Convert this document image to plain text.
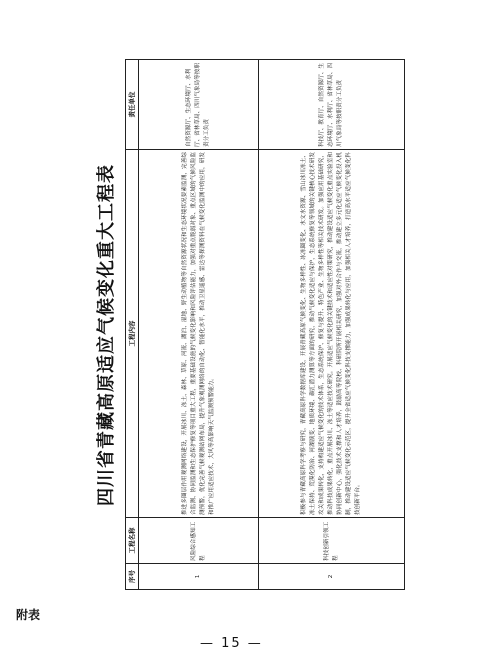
四川省青藏高原适应气候变化重大工程表
序号	工程名称	工程内容	责任单位
1	风险综合感知工程	推进多圈层作用观测网络建设，开展冰川、冻土、森林、草原、河流、湖泊、湿地、野生动植物等自然资源状况和生态环境状况要素监测，完善综合监测、协同监测和生态保护修复等项目重大工程，重要基础设施的气候变化影响和风险评估能力，加强对重点脆弱对象、重点区域的气候风险监测预警，优化完善气候观测站网布局，提升气象观测网络的自动化、智能化水平，推动卫星遥感、雷达等探测资料在气候变化监测中的应用，研发和推广应用适应技术，大风等高影响天气监测预警能力。	自然资源厅、生态环境厅、水利厅、省林草局、四川气象局等按职责分工负责
2	科技创新引领工程	积极参与青藏高原科学考察与研究，青藏高原科学数据库建设，开展青藏高原气候变化、生物多样性、冰冻圈变化、水文水资源、雪山冰川冻土、冻土保持、荒漠化防治、河湖演变、地质环境、碳汇潜力测算等方面的研究，推动气候变化适应与保护，生态系统修复等领域的关键核心技术研发攻关和成果转化，支持构建适应气候变化的技术体系，生态系统保护、修复与提升、特色产业、生物多样性等相关技术研发。加强应用基础研究，推动科技成果转化，重点开展冰川、冻土等适应技术研究。开展适应气候变化的关键技术和适应性对策研究，推动建设适应气候变化重点实验室和协同创新中心，强化技术支撑和人才培养，鼓励高等院校、科研院所开展相关研究，加强对外合作与交流，推动建立多元化适应气候变化投入机制，推动建设适应气候变化示范区，提升全省适应气候变化科技支撑能力，加强成果转化与应用，加强相关人才培养，打造高水平适应气候变化科技创新平台。	科技厅、教育厅、自然资源厅、生态环境厅、水利厅、省林草局、四川气象局等按职责分工负责
附表
— 15 —
